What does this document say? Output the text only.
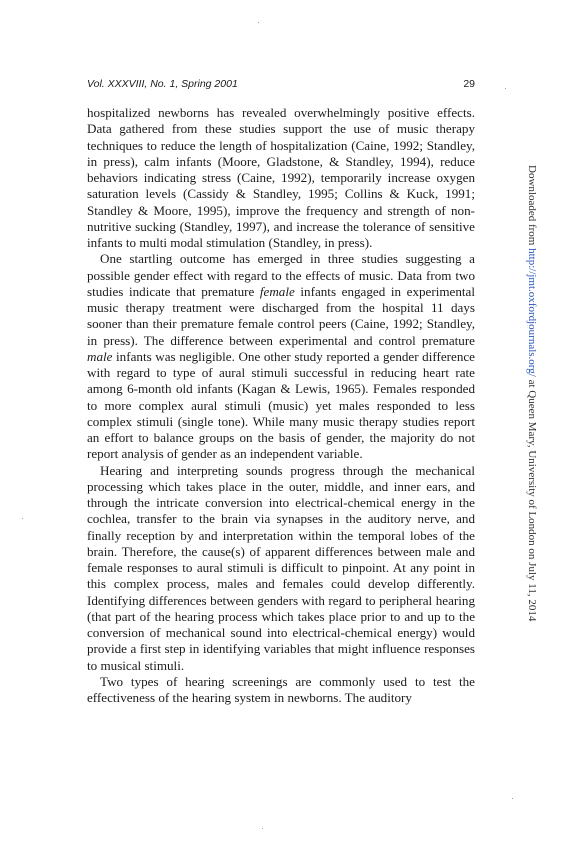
Vol. XXXVIII, No. 1, Spring 2001	29

hospitalized newborns has revealed overwhelmingly positive effects. Data gathered from these studies support the use of music therapy techniques to reduce the length of hospitalization (Caine, 1992; Standley, in press), calm infants (Moore, Gladstone, & Standley, 1994), reduce behaviors indicating stress (Caine, 1992), temporarily increase oxygen saturation levels (Cassidy & Standley, 1995; Collins & Kuck, 1991; Standley & Moore, 1995), improve the frequency and strength of non-nutritive sucking (Standley, 1997), and increase the tolerance of sensitive infants to multi modal stimulation (Standley, in press).

One startling outcome has emerged in three studies suggesting a possible gender effect with regard to the effects of music. Data from two studies indicate that premature female infants engaged in experimental music therapy treatment were discharged from the hospital 11 days sooner than their premature female control peers (Caine, 1992; Standley, in press). The difference between experimental and control premature male infants was negligible. One other study reported a gender difference with regard to type of aural stimuli successful in reducing heart rate among 6-month old infants (Kagan & Lewis, 1965). Females responded to more complex aural stimuli (music) yet males responded to less complex stimuli (single tone). While many music therapy studies report an effort to balance groups on the basis of gender, the majority do not report analysis of gender as an independent variable.

Hearing and interpreting sounds progress through the mechanical processing which takes place in the outer, middle, and inner ears, and through the intricate conversion into electrical-chemical energy in the cochlea, transfer to the brain via synapses in the auditory nerve, and finally reception by and interpretation within the temporal lobes of the brain. Therefore, the cause(s) of apparent differences between male and female responses to aural stimuli is difficult to pinpoint. At any point in this complex process, males and females could develop differently. Identifying differences between genders with regard to peripheral hearing (that part of the hearing process which takes place prior to and up to the conversion of mechanical sound into electrical-chemical energy) would provide a first step in identifying variables that might influence responses to musical stimuli.

Two types of hearing screenings are commonly used to test the effectiveness of the hearing system in newborns. The auditory

Downloaded from http://jmt.oxfordjournals.org/ at Queen Mary, University of London on July 11, 2014
